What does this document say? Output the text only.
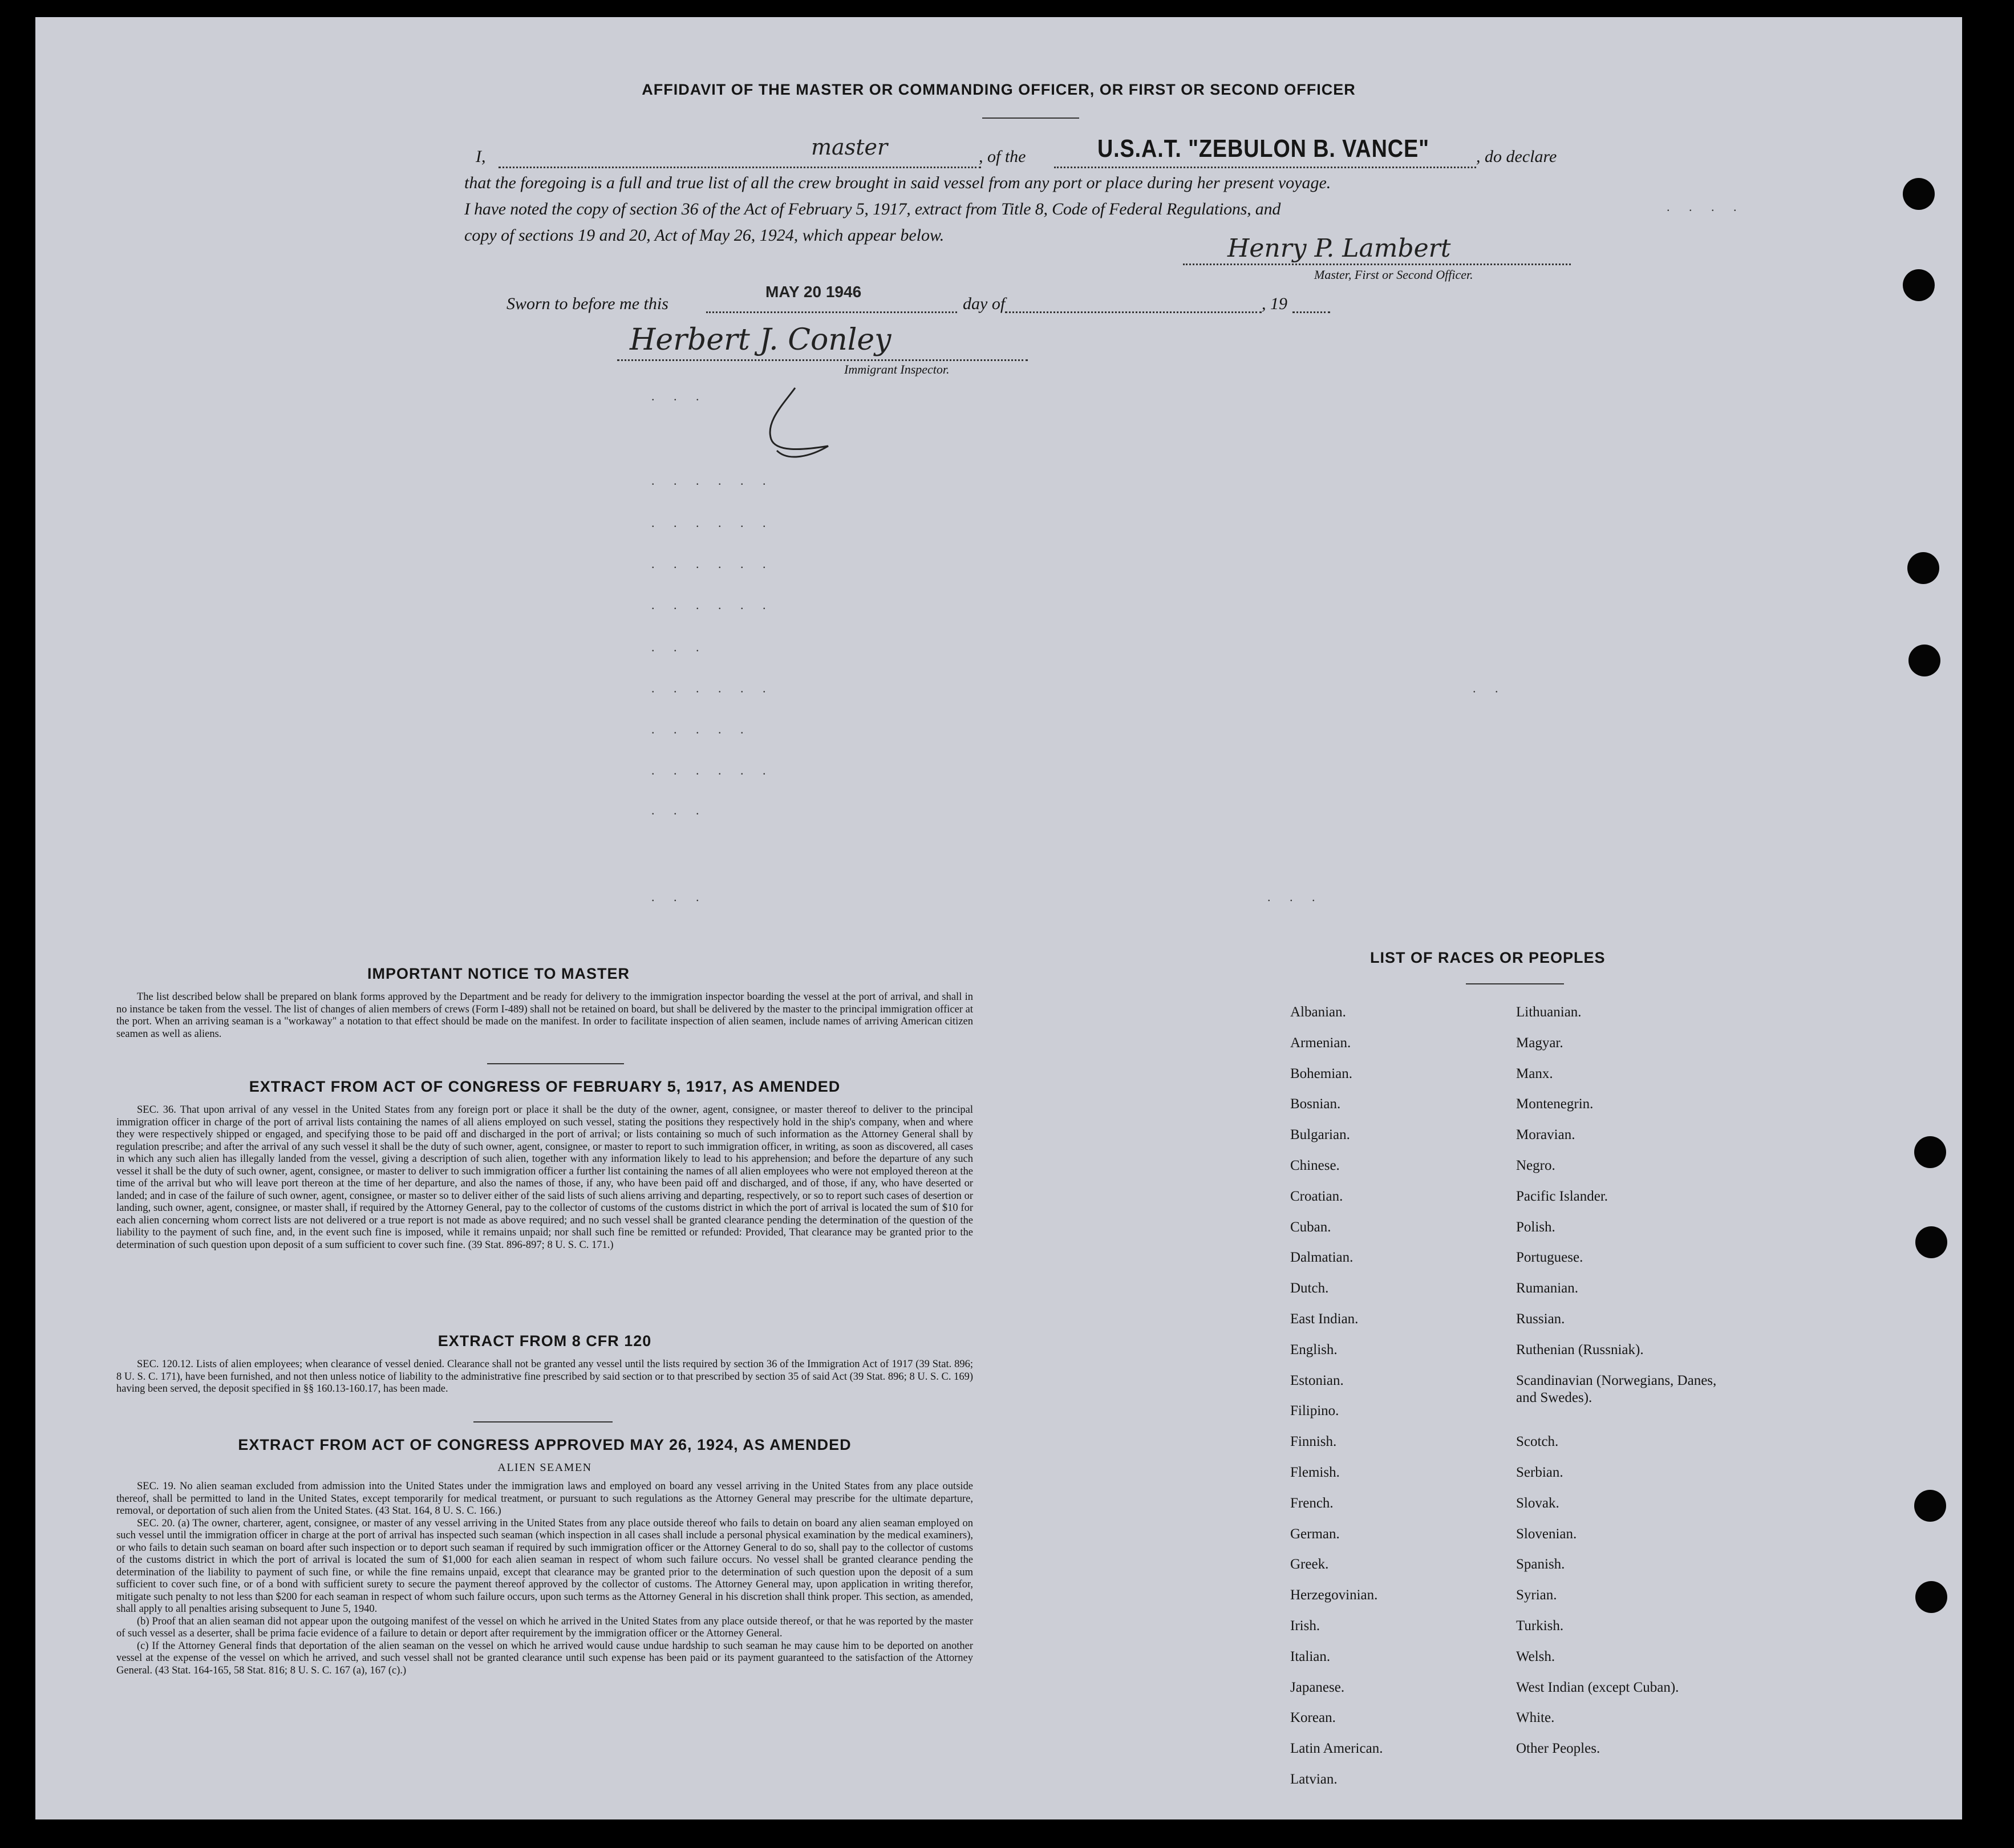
AFFIDAVIT OF THE MASTER OR COMMANDING OFFICER, OR FIRST OR SECOND OFFICER
I,	master	, of the	U.S.A.T. "ZEBULON B. VANCE"	, do declare
that the foregoing is a full and true list of all the crew brought in said vessel from any port or place during her present voyage.
I have noted the copy of section 36 of the Act of February 5, 1917, extract from Title 8, Code of Federal Regulations, and
copy of sections 19 and 20, Act of May 26, 1924, which appear below.	Henry P. Lambert
Master, First or Second Officer.
Sworn to before me this
MAY 20 1946
day of	, 19
Herbert J. Conley
Immigrant Inspector.
. . .
. . . . . .
. . . . . .
. . . . . .
. . . . . .
. . .
. . . . . .
. . . . .
. . . . . .
. . .
. . .	. . .
. .
. . . .
IMPORTANT NOTICE TO MASTER

The list described below shall be prepared on blank forms approved by the Department and be ready for delivery to the immigration inspector boarding the vessel at the port of arrival, and shall in no instance be taken from the vessel. The list of changes of alien members of crews (Form I-489) shall not be retained on board, but shall be delivered by the master to the principal immigration officer at the port. When an arriving seaman is a "workaway" a notation to that effect should be made on the manifest. In order to facilitate inspection of alien seamen, include names of arriving American citizen seamen as well as aliens.

EXTRACT FROM ACT OF CONGRESS OF FEBRUARY 5, 1917, AS AMENDED

SEC. 36. That upon arrival of any vessel in the United States from any foreign port or place it shall be the duty of the owner, agent, consignee, or master thereof to deliver to the principal immigration officer in charge of the port of arrival lists containing the names of all aliens employed on such vessel, stating the positions they respectively hold in the ship's company, when and where they were respectively shipped or engaged, and specifying those to be paid off and discharged in the port of arrival; or lists containing so much of such information as the Attorney General shall by regulation prescribe; and after the arrival of any such vessel it shall be the duty of such owner, agent, consignee, or master to report to such immigration officer, in writing, as soon as discovered, all cases in which any such alien has illegally landed from the vessel, giving a description of such alien, together with any information likely to lead to his apprehension; and before the departure of any such vessel it shall be the duty of such owner, agent, consignee, or master to deliver to such immigration officer a further list containing the names of all alien employees who were not employed thereon at the time of the arrival but who will leave port thereon at the time of her departure, and also the names of those, if any, who have been paid off and discharged, and of those, if any, who have deserted or landed; and in case of the failure of such owner, agent, consignee, or master so to deliver either of the said lists of such aliens arriving and departing, respectively, or so to report such cases of desertion or landing, such owner, agent, consignee, or master shall, if required by the Attorney General, pay to the collector of customs of the customs district in which the port of arrival is located the sum of $10 for each alien concerning whom correct lists are not delivered or a true report is not made as above required; and no such vessel shall be granted clearance pending the determination of the question of the liability to the payment of such fine, and, in the event such fine is imposed, while it remains unpaid; nor shall such fine be remitted or refunded: Provided, That clearance may be granted prior to the determination of such question upon deposit of a sum sufficient to cover such fine. (39 Stat. 896-897; 8 U. S. C. 171.)

EXTRACT FROM 8 CFR 120

SEC. 120.12. Lists of alien employees; when clearance of vessel denied. Clearance shall not be granted any vessel until the lists required by section 36 of the Immigration Act of 1917 (39 Stat. 896; 8 U. S. C. 171), have been furnished, and not then unless notice of liability to the administrative fine prescribed by said section or to that prescribed by section 35 of said Act (39 Stat. 896; 8 U. S. C. 169) having been served, the deposit specified in §§ 160.13-160.17, has been made.

EXTRACT FROM ACT OF CONGRESS APPROVED MAY 26, 1924, AS AMENDED
ALIEN SEAMEN

SEC. 19. No alien seaman excluded from admission into the United States under the immigration laws and employed on board any vessel arriving in the United States from any place outside thereof, shall be permitted to land in the United States, except temporarily for medical treatment, or pursuant to such regulations as the Attorney General may prescribe for the ultimate departure, removal, or deportation of such alien from the United States. (43 Stat. 164, 8 U. S. C. 166.)

SEC. 20. (a) The owner, charterer, agent, consignee, or master of any vessel arriving in the United States from any place outside thereof who fails to detain on board any alien seaman employed on such vessel until the immigration officer in charge at the port of arrival has inspected such seaman (which inspection in all cases shall include a personal physical examination by the medical examiners), or who fails to detain such seaman on board after such inspection or to deport such seaman if required by such immigration officer or the Attorney General to do so, shall pay to the collector of customs of the customs district in which the port of arrival is located the sum of $1,000 for each alien seaman in respect of whom such failure occurs. No vessel shall be granted clearance pending the determination of the liability to payment of such fine, or while the fine remains unpaid, except that clearance may be granted prior to the determination of such question upon the deposit of a sum sufficient to cover such fine, or of a bond with sufficient surety to secure the payment thereof approved by the collector of customs. The Attorney General may, upon application in writing therefor, mitigate such penalty to not less than $200 for each seaman in respect of whom such failure occurs, upon such terms as the Attorney General in his discretion shall think proper. This section, as amended, shall apply to all penalties arising subsequent to June 5, 1940.

(b) Proof that an alien seaman did not appear upon the outgoing manifest of the vessel on which he arrived in the United States from any place outside thereof, or that he was reported by the master of such vessel as a deserter, shall be prima facie evidence of a failure to detain or deport after requirement by the immigration officer or the Attorney General.

(c) If the Attorney General finds that deportation of the alien seaman on the vessel on which he arrived would cause undue hardship to such seaman he may cause him to be deported on another vessel at the expense of the vessel on which he arrived, and such vessel shall not be granted clearance until such expense has been paid or its payment guaranteed to the satisfaction of the Attorney General. (43 Stat. 164-165, 58 Stat. 816; 8 U. S. C. 167 (a), 167 (c).)

LIST OF RACES OR PEOPLES
Albanian.
Armenian.
Bohemian.
Bosnian.
Bulgarian.
Chinese.
Croatian.
Cuban.
Dalmatian.
Dutch.
East Indian.
English.
Estonian.
Filipino.
Finnish.
Flemish.
French.
German.
Greek.
Herzegovinian.
Irish.
Italian.
Japanese.
Korean.
Latin American.
Latvian.
Lithuanian.
Magyar.
Manx.
Montenegrin.
Moravian.
Negro.
Pacific Islander.
Polish.
Portuguese.
Rumanian.
Russian.
Ruthenian (Russniak).
Scandinavian (Norwegians, Danes, and Swedes).
Scotch.
Serbian.
Slovak.
Slovenian.
Spanish.
Syrian.
Turkish.
Welsh.
West Indian (except Cuban).
White.
Other Peoples.
